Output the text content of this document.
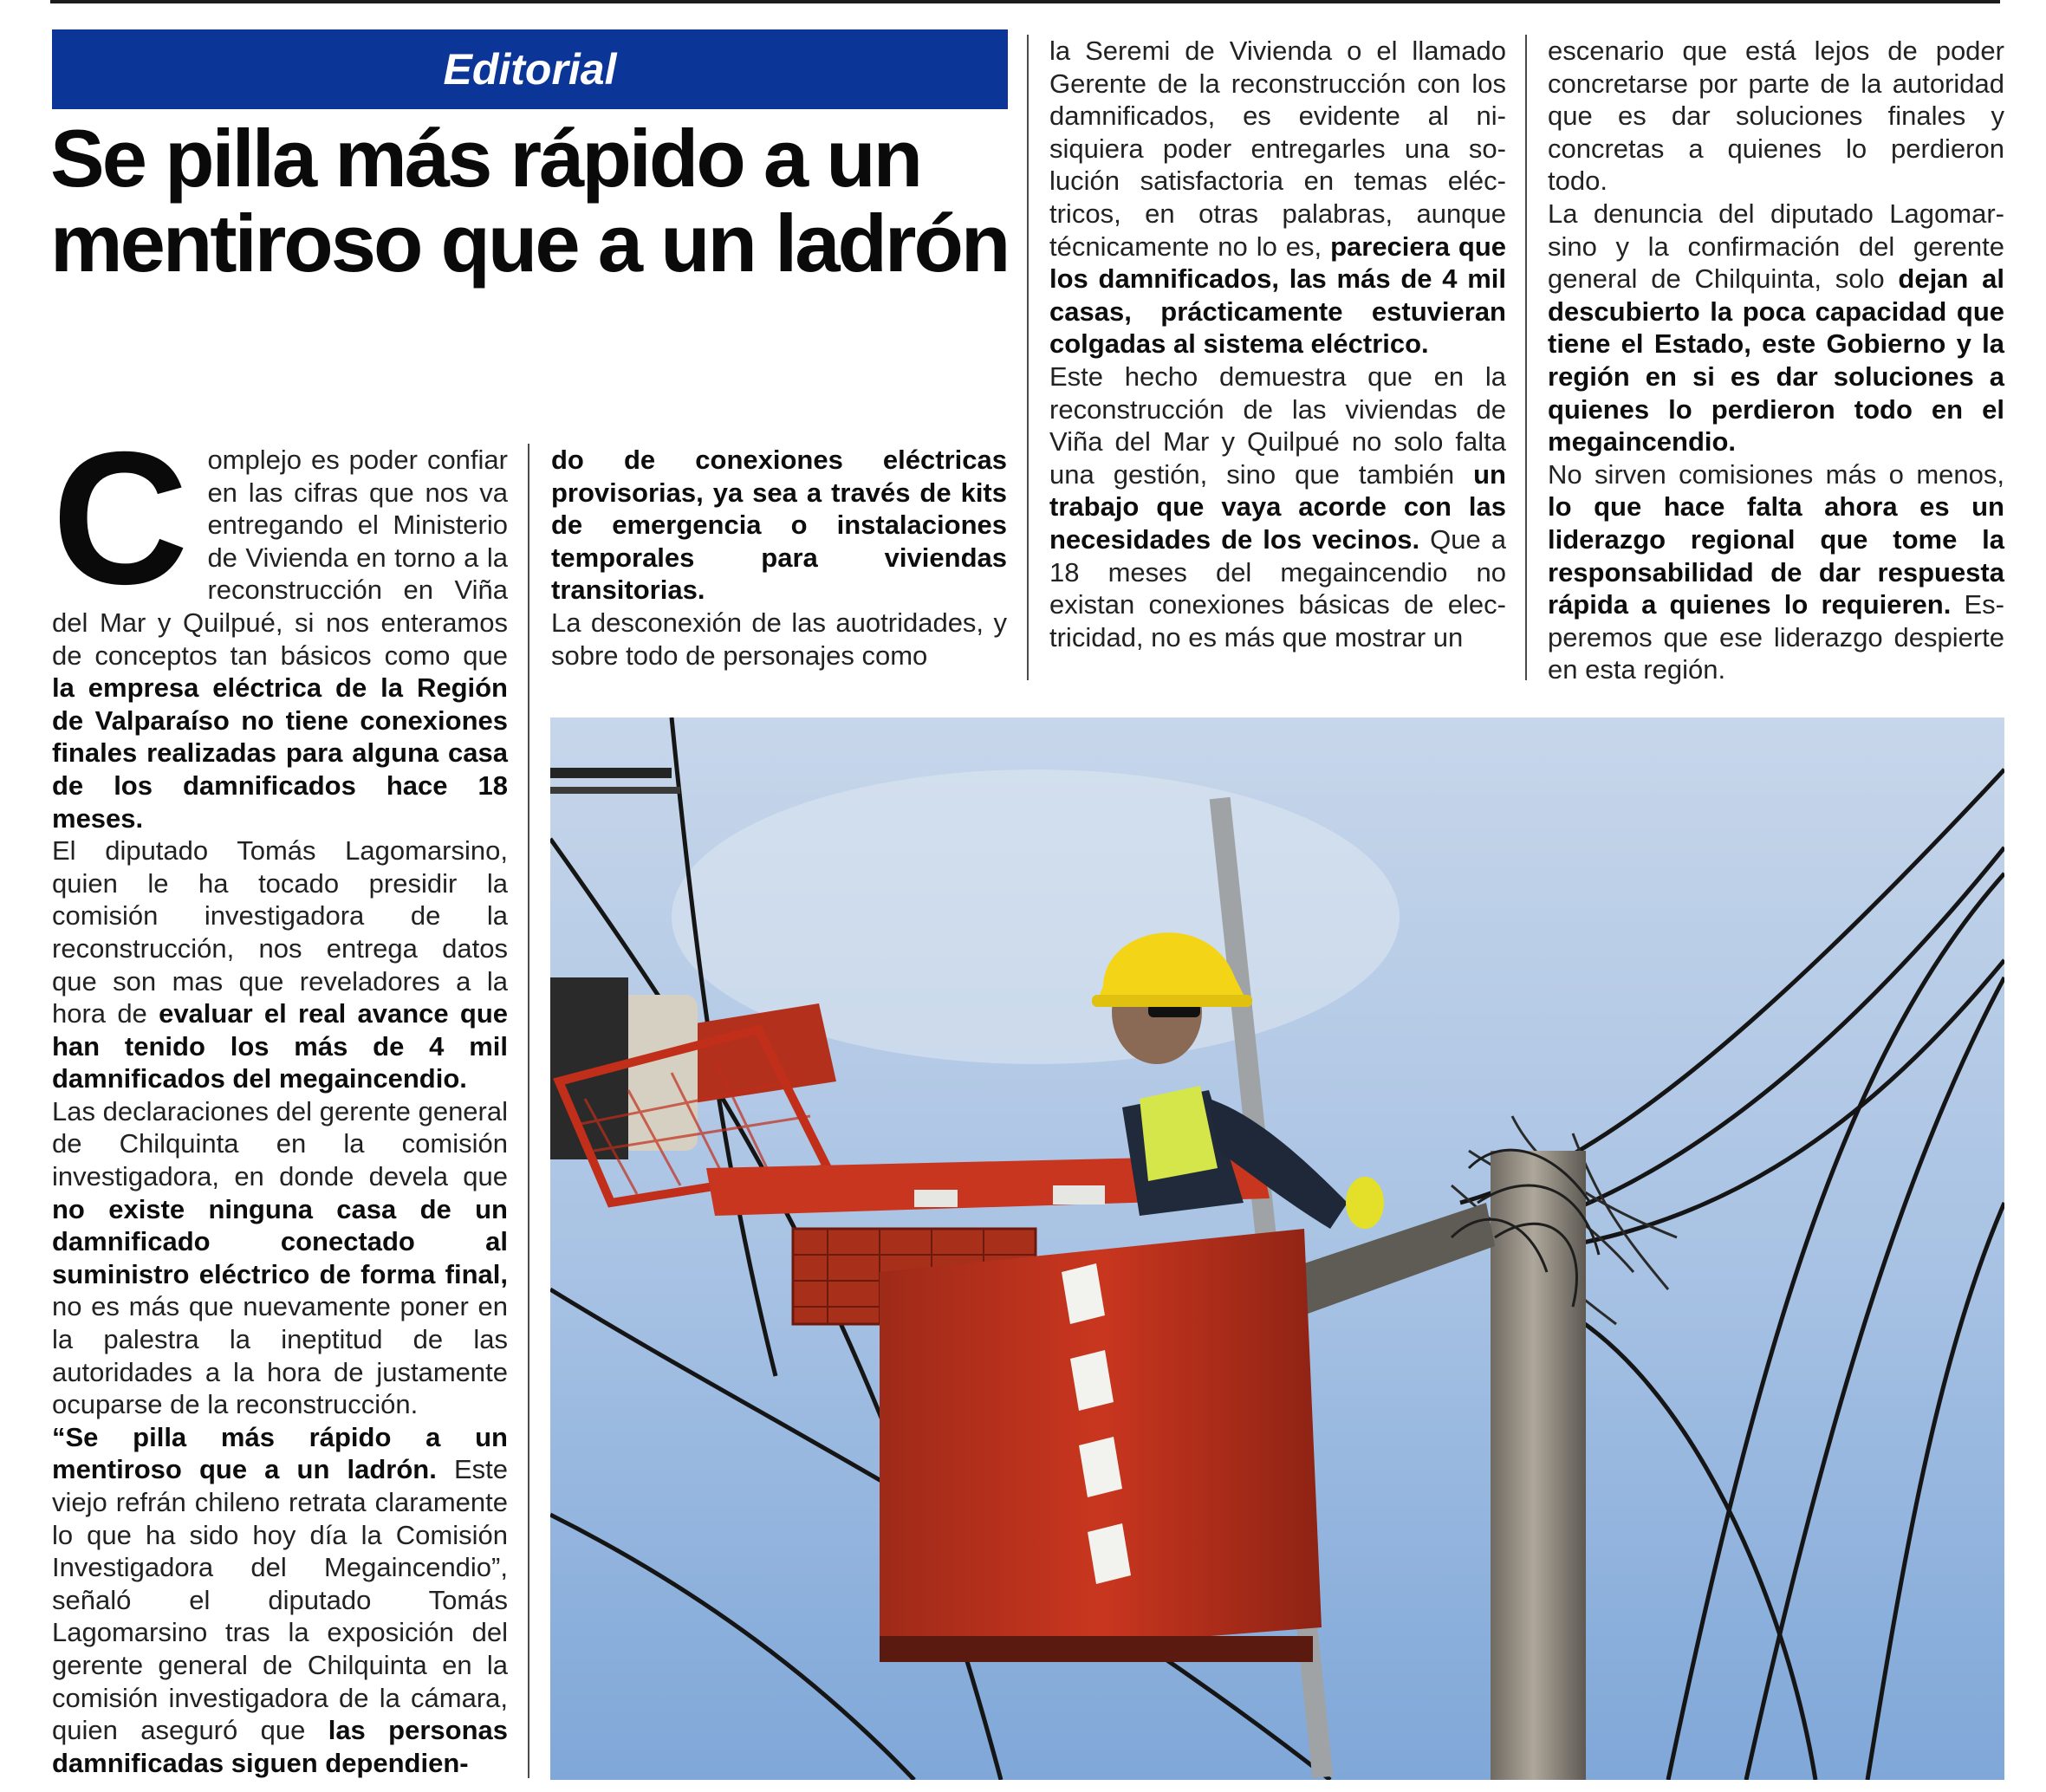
Editorial
Se pilla más rápido a un mentiroso que a un ladrón

Complejo es poder confiar en las cifras que nos va entregando el Ministerio de Vivienda en torno a la reconstrucción en Viña del Mar y Quilpué, si nos enteramos de conceptos tan básicos como que la empresa eléctrica de la Región de Valparaíso no tiene conexiones finales realizadas para alguna casa de los damnificados hace 18 meses.

El diputado Tomás Lagomarsino, quien le ha tocado presidir la comisión investigadora de la reconstrucción, nos entrega datos que son mas que reveladores a la hora de evaluar el real avance que han tenido los más de 4 mil damnificados del megaincendio.

Las declaraciones del gerente general de Chilquinta en la comisión investigadora, en donde devela que no existe ninguna casa de un damnificado conectado al suministro eléctrico de forma final, no es más que nuevamente poner en la palestra la ineptitud de las autoridades a la hora de justamente ocuparse de la reconstrucción.

“Se pilla más rápido a un mentiroso que a un ladrón. Este viejo refrán chileno retrata claramente lo que ha sido hoy día la Comisión Investigadora del Megaincendio”, señaló el diputado Tomás Lagomarsino tras la exposición del gerente general de Chilquinta en la comisión investigadora de la cámara, quien aseguró que las personas damnificadas siguen dependien-

do de conexiones eléctricas provisorias, ya sea a través de kits de emergencia o instalaciones temporales para viviendas transitorias.

La desconexión de las auotridades, y sobre todo de personajes como

la Seremi de Vivienda o el llamado Gerente de la reconstrucción con los damnificados, es evidente al nisiquiera poder entregarles una solución satisfactoria en temas eléctricos, en otras palabras, aunque técnicamente no lo es, pareciera que los damnificados, las más de 4 mil casas, prácticamente estuvieran colgadas al sistema eléctrico.

Este hecho demuestra que en la reconstrucción de las viviendas de Viña del Mar y Quilpué no solo falta una gestión, sino que también un trabajo que vaya acorde con las necesidades de los vecinos. Que a 18 meses del megaincendio no existan conexiones básicas de electricidad, no es más que mostrar un

escenario que está lejos de poder concretarse por parte de la autoridad que es dar soluciones finales y concretas a quienes lo perdieron todo.

La denuncia del diputado Lagomarsino y la confirmación del gerente general de Chilquinta, solo dejan al descubierto la poca capacidad que tiene el Estado, este Gobierno y la región en si es dar soluciones a quienes lo perdieron todo en el megaincendio.

No sirven comisiones más o menos, lo que hace falta ahora es un liderazgo regional que tome la responsabilidad de dar respuesta rápida a quienes lo requieren. Esperemos que ese liderazgo despierte en esta región.
